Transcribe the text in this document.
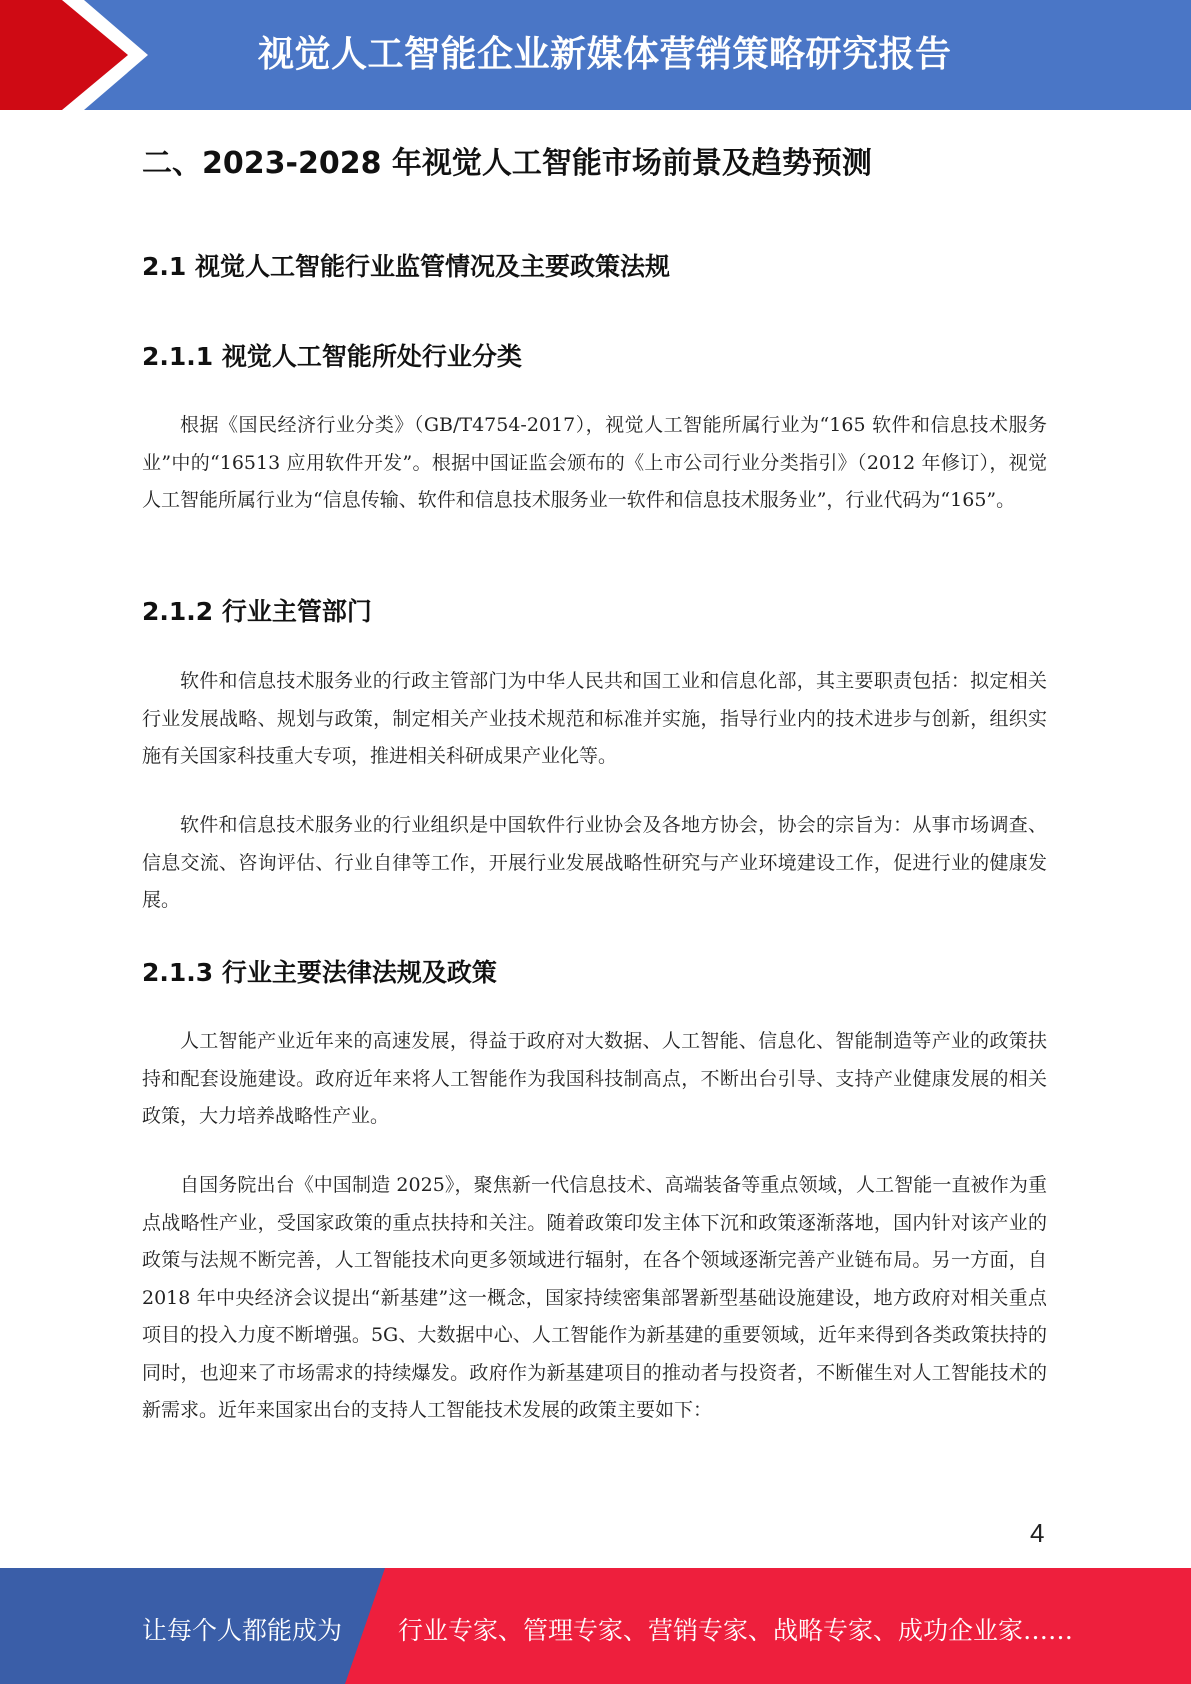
视觉人工智能企业新媒体营销策略研究报告
二、2023-2028 年视觉人工智能市场前景及趋势预测
2.1 视觉人工智能行业监管情况及主要政策法规
2.1.1 视觉人工智能所处行业分类

根据《国民经济行业分类》（GB/T4754-2017），视觉人工智能所属行业为“165 软件和信息技术服务业”中的“16513 应用软件开发”。根据中国证监会颁布的《上市公司行业分类指引》（2012 年修订），视觉人工智能所属行业为“信息传输、软件和信息技术服务业一软件和信息技术服务业”，行业代码为“165”。

2.1.2 行业主管部门

软件和信息技术服务业的行政主管部门为中华人民共和国工业和信息化部，其主要职责包括：拟定相关行业发展战略、规划与政策，制定相关产业技术规范和标准并实施，指导行业内的技术进步与创新，组织实施有关国家科技重大专项，推进相关科研成果产业化等。

软件和信息技术服务业的行业组织是中国软件行业协会及各地方协会，协会的宗旨为：从事市场调查、信息交流、咨询评估、行业自律等工作，开展行业发展战略性研究与产业环境建设工作，促进行业的健康发展。

2.1.3 行业主要法律法规及政策

人工智能产业近年来的高速发展，得益于政府对大数据、人工智能、信息化、智能制造等产业的政策扶持和配套设施建设。政府近年来将人工智能作为我国科技制高点，不断出台引导、支持产业健康发展的相关政策，大力培养战略性产业。

自国务院出台《中国制造 2025》，聚焦新一代信息技术、高端装备等重点领域，人工智能一直被作为重点战略性产业，受国家政策的重点扶持和关注。随着政策印发主体下沉和政策逐渐落地，国内针对该产业的政策与法规不断完善，人工智能技术向更多领域进行辐射，在各个领域逐渐完善产业链布局。另一方面，自 2018 年中央经济会议提出“新基建”这一概念，国家持续密集部署新型基础设施建设，地方政府对相关重点项目的投入力度不断增强。5G、大数据中心、人工智能作为新基建的重要领域，近年来得到各类政策扶持的同时，也迎来了市场需求的持续爆发。政府作为新基建项目的推动者与投资者，不断催生对人工智能技术的新需求。近年来国家出台的支持人工智能技术发展的政策主要如下：

4
让每个人都能成为 行业专家、管理专家、营销专家、战略专家、成功企业家……
